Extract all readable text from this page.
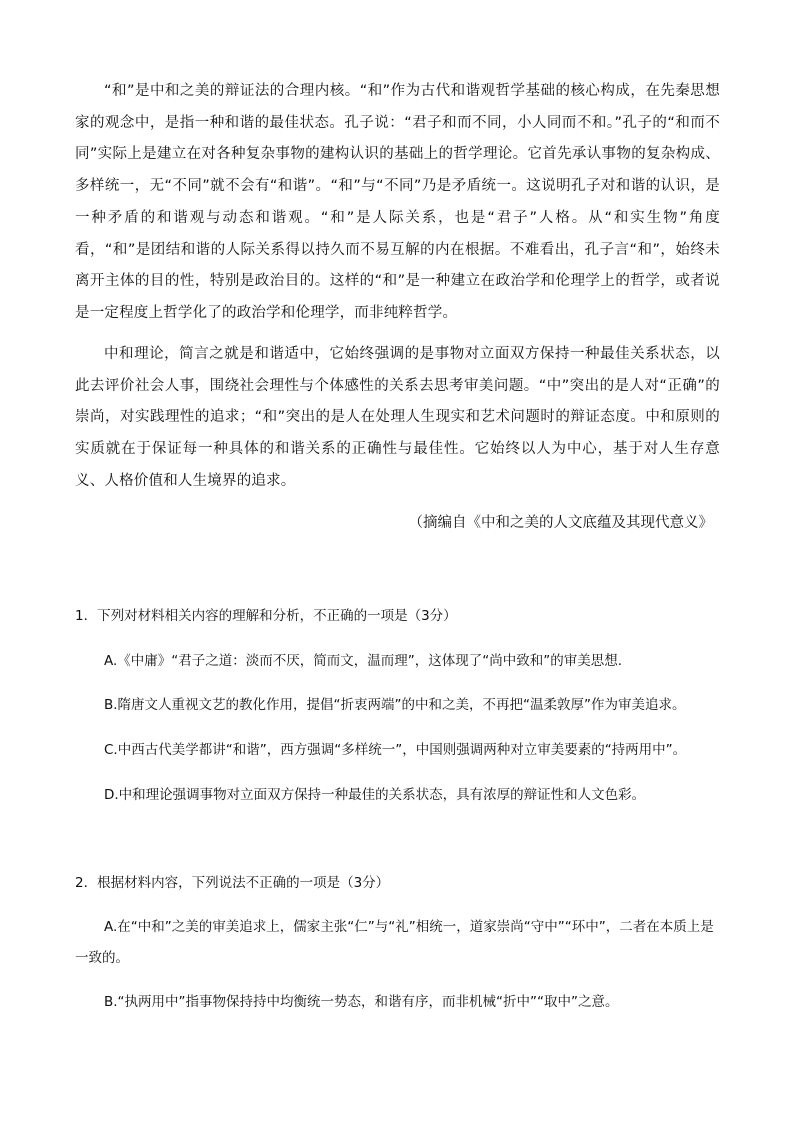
“和”是中和之美的辩证法的合理内核。“和”作为古代和谐观哲学基础的核心构成，在先秦思想家的观念中，是指一种和谐的最佳状态。孔子说：“君子和而不同，小人同而不和。”孔子的“和而不同”实际上是建立在对各种复杂事物的建构认识的基础上的哲学理论。它首先承认事物的复杂构成、多样统一，无“不同”就不会有“和谐”。“和”与“不同”乃是矛盾统一。这说明孔子对和谐的认识，是一种矛盾的和谐观与动态和谐观。“和”是人际关系，也是“君子”人格。从“和实生物”角度看，“和”是团结和谐的人际关系得以持久而不易互解的内在根据。不难看出，孔子言“和”，始终未离开主体的目的性，特别是政治目的。这样的“和”是一种建立在政治学和伦理学上的哲学，或者说是一定程度上哲学化了的政治学和伦理学，而非纯粹哲学。

中和理论，简言之就是和谐适中，它始终强调的是事物对立面双方保持一种最佳关系状态，以此去评价社会人事，围绕社会理性与个体感性的关系去思考审美问题。“中”突出的是人对“正确”的崇尚，对实践理性的追求；“和”突出的是人在处理人生现实和艺术问题时的辩证态度。中和原则的实质就在于保证每一种具体的和谐关系的正确性与最佳性。它始终以人为中心，基于对人生存意义、人格价值和人生境界的追求。

（摘编自《中和之美的人文底蕴及其现代意义》

1．下列对材料相关内容的理解和分析，不正确的一项是（3分）

A.《中庸》“君子之道：淡而不厌，简而文，温而理”，这体现了“尚中致和”的审美思想.

B.隋唐文人重视文艺的教化作用，提倡“折衷两端”的中和之美，不再把“温柔敦厚”作为审美追求。

C.中西古代美学都讲“和谐”，西方强调“多样统一”，中国则强调两种对立审美要素的“持两用中”。

D.中和理论强调事物对立面双方保持一种最佳的关系状态，具有浓厚的辩证性和人文色彩。

2．根据材料内容，下列说法不正确的一项是（3分）

A.在“中和”之美的审美追求上，儒家主张“仁”与“礼”相统一，道家崇尚“守中”“环中”，二者在本质上是一致的。

B.“执两用中”指事物保持持中均衡统一势态，和谐有序，而非机械“折中”“取中”之意。
